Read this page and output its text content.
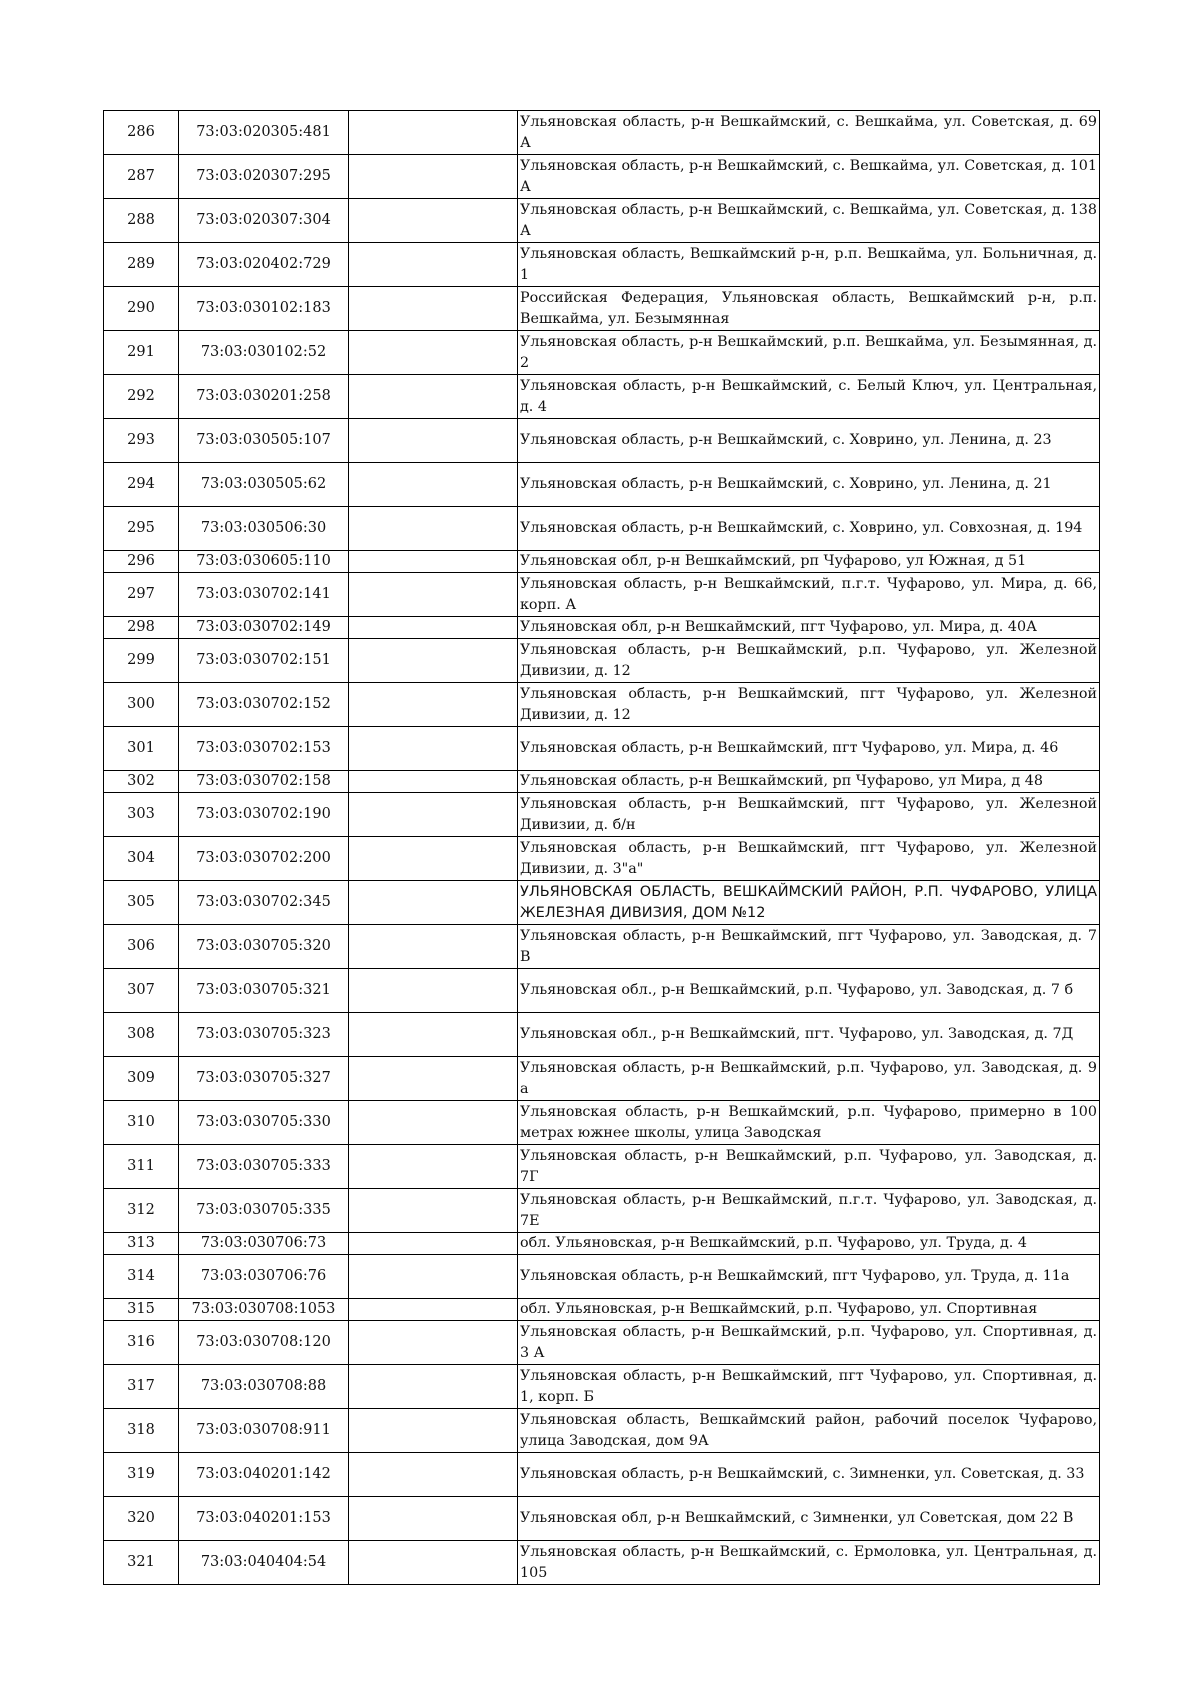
286	73:03:020305:481		Ульяновская область, р-н Вешкаймский, с. Вешкайма, ул. Советская, д. 69 А
287	73:03:020307:295		Ульяновская область, р-н Вешкаймский, с. Вешкайма, ул. Советская, д. 101 А
288	73:03:020307:304		Ульяновская область, р-н Вешкаймский, с. Вешкайма, ул. Советская, д. 138 А
289	73:03:020402:729		Ульяновская область, Вешкаймский р-н, р.п. Вешкайма, ул. Больничная, д. 1
290	73:03:030102:183		Российская Федерация, Ульяновская область, Вешкаймский р-н, р.п. Вешкайма, ул. Безымянная
291	73:03:030102:52		Ульяновская область, р-н Вешкаймский, р.п. Вешкайма, ул. Безымянная, д. 2
292	73:03:030201:258		Ульяновская область, р-н Вешкаймский, с. Белый Ключ, ул. Центральная, д. 4
293	73:03:030505:107		Ульяновская область, р-н Вешкаймский, с. Ховрино, ул. Ленина, д. 23
294	73:03:030505:62		Ульяновская область, р-н Вешкаймский, с. Ховрино, ул. Ленина, д. 21
295	73:03:030506:30		Ульяновская область, р-н Вешкаймский, с. Ховрино, ул. Совхозная, д. 194
296	73:03:030605:110		Ульяновская обл, р-н Вешкаймский, рп Чуфарово, ул Южная, д 51
297	73:03:030702:141		Ульяновская область, р-н Вешкаймский, п.г.т. Чуфарово, ул. Мира, д. 66, корп. А
298	73:03:030702:149		Ульяновская обл, р-н Вешкаймский, пгт Чуфарово, ул. Мира, д. 40А
299	73:03:030702:151		Ульяновская область, р-н Вешкаймский, р.п. Чуфарово, ул. Железной Дивизии, д. 12
300	73:03:030702:152		Ульяновская область, р-н Вешкаймский, пгт Чуфарово, ул. Железной Дивизии, д. 12
301	73:03:030702:153		Ульяновская область, р-н Вешкаймский, пгт Чуфарово, ул. Мира, д. 46
302	73:03:030702:158		Ульяновская область, р-н Вешкаймский, рп Чуфарово, ул Мира, д 48
303	73:03:030702:190		Ульяновская область, р-н Вешкаймский, пгт Чуфарово, ул. Железной Дивизии, д. б/н
304	73:03:030702:200		Ульяновская область, р-н Вешкаймский, пгт Чуфарово, ул. Железной Дивизии, д. 3"а"
305	73:03:030702:345		УЛЬЯНОВСКАЯ ОБЛАСТЬ, ВЕШКАЙМСКИЙ РАЙОН, Р.П. ЧУФАРОВО, УЛИЦА ЖЕЛЕЗНАЯ ДИВИЗИЯ, ДОМ №12
306	73:03:030705:320		Ульяновская область, р-н Вешкаймский, пгт Чуфарово, ул. Заводская, д. 7 В
307	73:03:030705:321		Ульяновская обл., р-н Вешкаймский, р.п. Чуфарово, ул. Заводская, д. 7 б
308	73:03:030705:323		Ульяновская обл., р-н Вешкаймский, пгт. Чуфарово, ул. Заводская, д. 7Д
309	73:03:030705:327		Ульяновская область, р-н Вешкаймский, р.п. Чуфарово, ул. Заводская, д. 9 а
310	73:03:030705:330		Ульяновская область, р-н Вешкаймский, р.п. Чуфарово, примерно в 100 метрах южнее школы, улица Заводская
311	73:03:030705:333		Ульяновская область, р-н Вешкаймский, р.п. Чуфарово, ул. Заводская, д. 7Г
312	73:03:030705:335		Ульяновская область, р-н Вешкаймский, п.г.т. Чуфарово, ул. Заводская, д. 7Е
313	73:03:030706:73		обл. Ульяновская, р-н Вешкаймский, р.п. Чуфарово, ул. Труда, д. 4
314	73:03:030706:76		Ульяновская область, р-н Вешкаймский, пгт Чуфарово, ул. Труда, д. 11а
315	73:03:030708:1053		обл. Ульяновская, р-н Вешкаймский, р.п. Чуфарово, ул. Спортивная
316	73:03:030708:120		Ульяновская область, р-н Вешкаймский, р.п. Чуфарово, ул. Спортивная, д. 3 А
317	73:03:030708:88		Ульяновская область, р-н Вешкаймский, пгт Чуфарово, ул. Спортивная, д. 1, корп. Б
318	73:03:030708:911		Ульяновская область, Вешкаймский район, рабочий поселок Чуфарово, улица Заводская, дом 9А
319	73:03:040201:142		Ульяновская область, р-н Вешкаймский, с. Зимненки, ул. Советская, д. 33
320	73:03:040201:153		Ульяновская обл, р-н Вешкаймский, с Зимненки, ул Советская, дом 22 В
321	73:03:040404:54		Ульяновская область, р-н Вешкаймский, с. Ермоловка, ул. Центральная, д. 105
